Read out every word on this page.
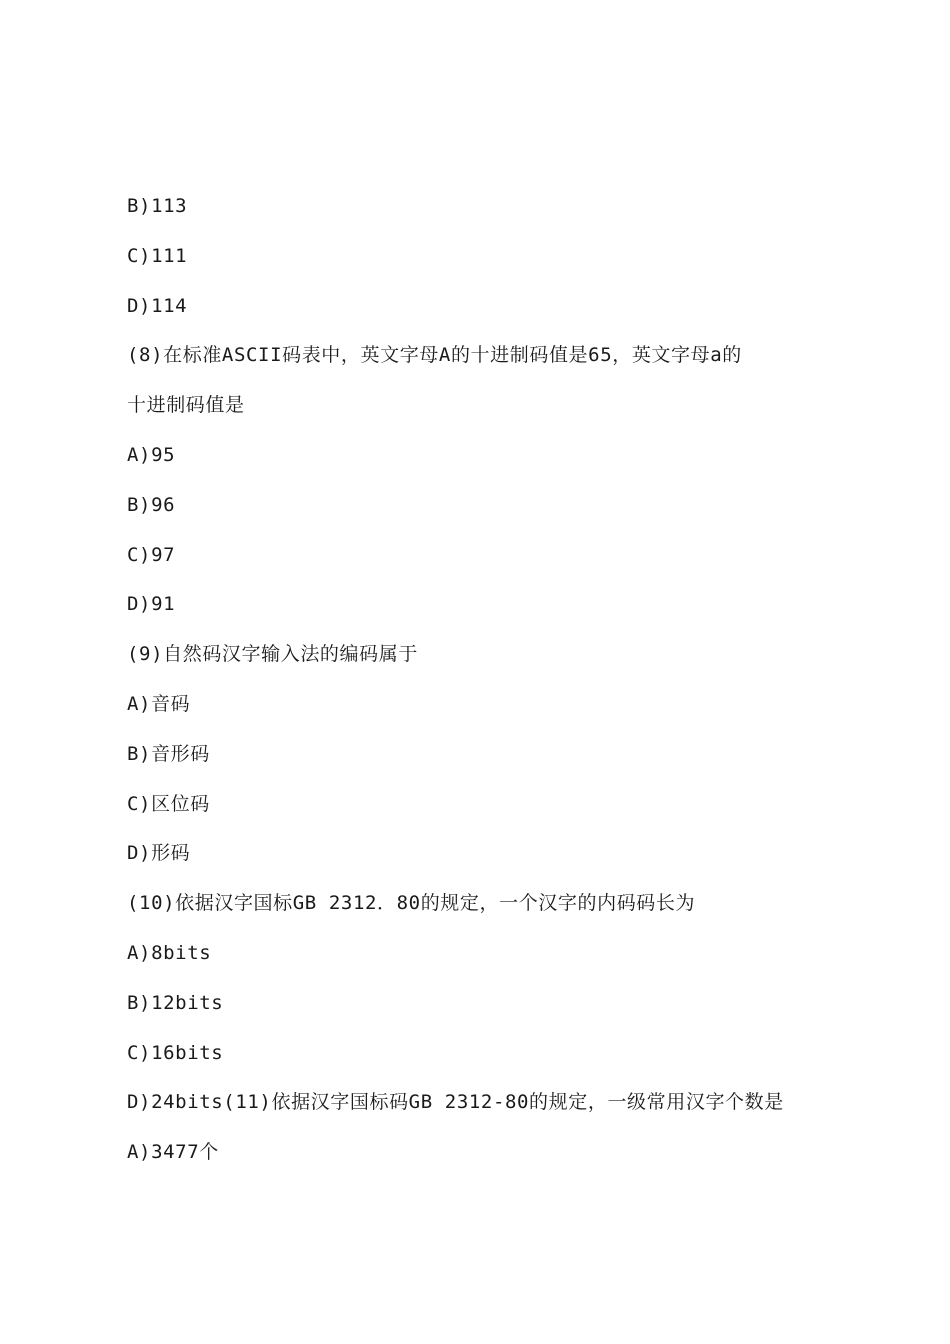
B)113
C)111
D)114
(8)在标准ASCII码表中，英文字母A的十进制码值是65，英文字母a的
十进制码值是
A)95
B)96
C)97
D)91
(9)自然码汉字输入法的编码属于
A)音码
B)音形码
C)区位码
D)形码
(10)依据汉字国标GB 2312．80的规定，一个汉字的内码码长为
A)8bits
B)12bits
C)16bits
D)24bits(11)依据汉字国标码GB 2312-80的规定，一级常用汉字个数是
A)3477个
